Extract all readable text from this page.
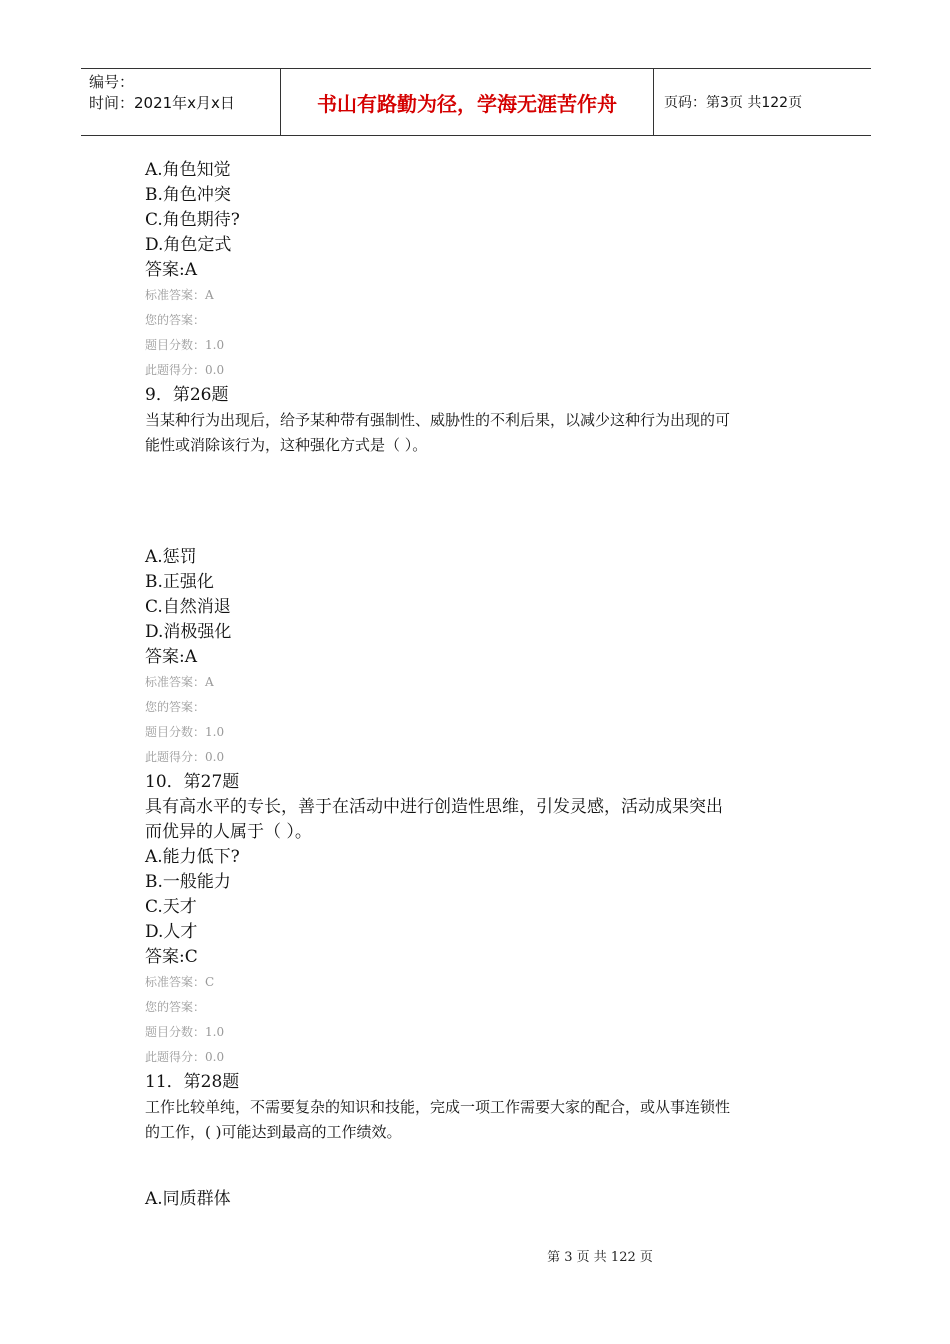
编号：
时间：2021年x月x日	书山有路勤为径，学海无涯苦作舟	页码：第3页 共122页
A.角色知觉
B.角色冲突
C.角色期待?
D.角色定式
答案:A
标准答案：A
您的答案：
题目分数：1.0
此题得分：0.0
9．第26题
当某种行为出现后，给予某种带有强制性、威胁性的不利后果，以减少这种行为出现的可
能性或消除该行为，这种强化方式是（ ）。
A.惩罚
B.正强化
C.自然消退
D.消极强化
答案:A
标准答案：A
您的答案：
题目分数：1.0
此题得分：0.0
10．第27题
具有高水平的专长，善于在活动中进行创造性思维，引发灵感，活动成果突出
而优异的人属于（ ）。
A.能力低下?
B.一般能力
C.天才
D.人才
答案:C
标准答案：C
您的答案：
题目分数：1.0
此题得分：0.0
11．第28题
工作比较单纯，不需要复杂的知识和技能，完成一项工作需要大家的配合，或从事连锁性
的工作，( )可能达到最高的工作绩效。
A.同质群体
第 3 页 共 122 页
